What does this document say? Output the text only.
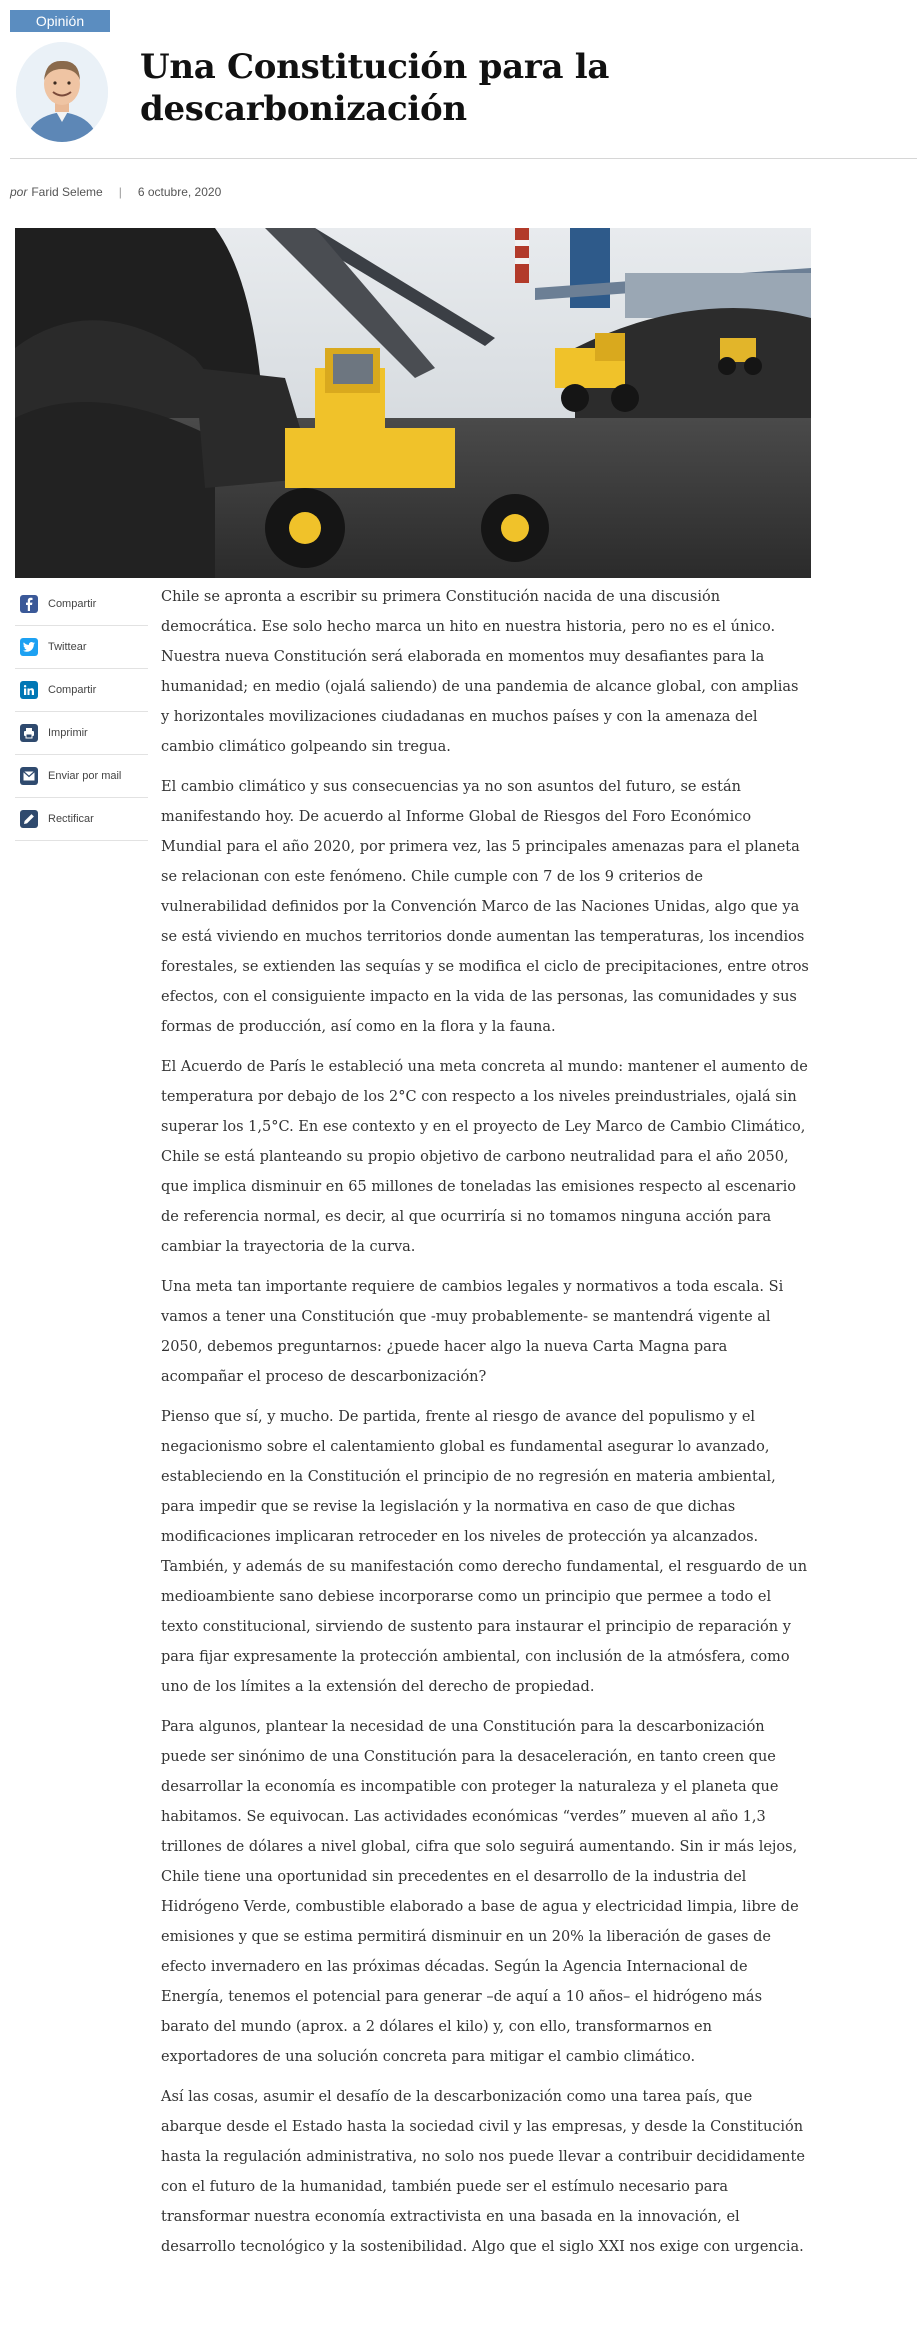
Opinión
Una Constitución para la descarbonización
por Farid Seleme | 6 octubre, 2020
Compartir
Twittear
Compartir
Imprimir
Enviar por mail
Rectificar

Chile se apronta a escribir su primera Constitución nacida de una discusión democrática. Ese solo hecho marca un hito en nuestra historia, pero no es el único. Nuestra nueva Constitución será elaborada en momentos muy desafiantes para la humanidad; en medio (ojalá saliendo) de una pandemia de alcance global, con amplias y horizontales movilizaciones ciudadanas en muchos países y con la amenaza del cambio climático golpeando sin tregua.

El cambio climático y sus consecuencias ya no son asuntos del futuro, se están manifestando hoy. De acuerdo al Informe Global de Riesgos del Foro Económico Mundial para el año 2020, por primera vez, las 5 principales amenazas para el planeta se relacionan con este fenómeno. Chile cumple con 7 de los 9 criterios de vulnerabilidad definidos por la Convención Marco de las Naciones Unidas, algo que ya se está viviendo en muchos territorios donde aumentan las temperaturas, los incendios forestales, se extienden las sequías y se modifica el ciclo de precipitaciones, entre otros efectos, con el consiguiente impacto en la vida de las personas, las comunidades y sus formas de producción, así como en la flora y la fauna.

El Acuerdo de París le estableció una meta concreta al mundo: mantener el aumento de temperatura por debajo de los 2°C con respecto a los niveles preindustriales, ojalá sin superar los 1,5°C. En ese contexto y en el proyecto de Ley Marco de Cambio Climático, Chile se está planteando su propio objetivo de carbono neutralidad para el año 2050, que implica disminuir en 65 millones de toneladas las emisiones respecto al escenario de referencia normal, es decir, al que ocurriría si no tomamos ninguna acción para cambiar la trayectoria de la curva.

Una meta tan importante requiere de cambios legales y normativos a toda escala. Si vamos a tener una Constitución que -muy probablemente- se mantendrá vigente al 2050, debemos preguntarnos: ¿puede hacer algo la nueva Carta Magna para acompañar el proceso de descarbonización?

Pienso que sí, y mucho. De partida, frente al riesgo de avance del populismo y el negacionismo sobre el calentamiento global es fundamental asegurar lo avanzado, estableciendo en la Constitución el principio de no regresión en materia ambiental, para impedir que se revise la legislación y la normativa en caso de que dichas modificaciones implicaran retroceder en los niveles de protección ya alcanzados. También, y además de su manifestación como derecho fundamental, el resguardo de un medioambiente sano debiese incorporarse como un principio que permee a todo el texto constitucional, sirviendo de sustento para instaurar el principio de reparación y para fijar expresamente la protección ambiental, con inclusión de la atmósfera, como uno de los límites a la extensión del derecho de propiedad.

Para algunos, plantear la necesidad de una Constitución para la descarbonización puede ser sinónimo de una Constitución para la desaceleración, en tanto creen que desarrollar la economía es incompatible con proteger la naturaleza y el planeta que habitamos. Se equivocan. Las actividades económicas “verdes” mueven al año 1,3 trillones de dólares a nivel global, cifra que solo seguirá aumentando. Sin ir más lejos, Chile tiene una oportunidad sin precedentes en el desarrollo de la industria del Hidrógeno Verde, combustible elaborado a base de agua y electricidad limpia, libre de emisiones y que se estima permitirá disminuir en un 20% la liberación de gases de efecto invernadero en las próximas décadas. Según la Agencia Internacional de Energía, tenemos el potencial para generar –de aquí a 10 años– el hidrógeno más barato del mundo (aprox. a 2 dólares el kilo) y, con ello, transformarnos en exportadores de una solución concreta para mitigar el cambio climático.

Así las cosas, asumir el desafío de la descarbonización como una tarea país, que abarque desde el Estado hasta la sociedad civil y las empresas, y desde la Constitución hasta la regulación administrativa, no solo nos puede llevar a contribuir decididamente con el futuro de la humanidad, también puede ser el estímulo necesario para transformar nuestra economía extractivista en una basada en la innovación, el desarrollo tecnológico y la sostenibilidad. Algo que el siglo XXI nos exige con urgencia.
